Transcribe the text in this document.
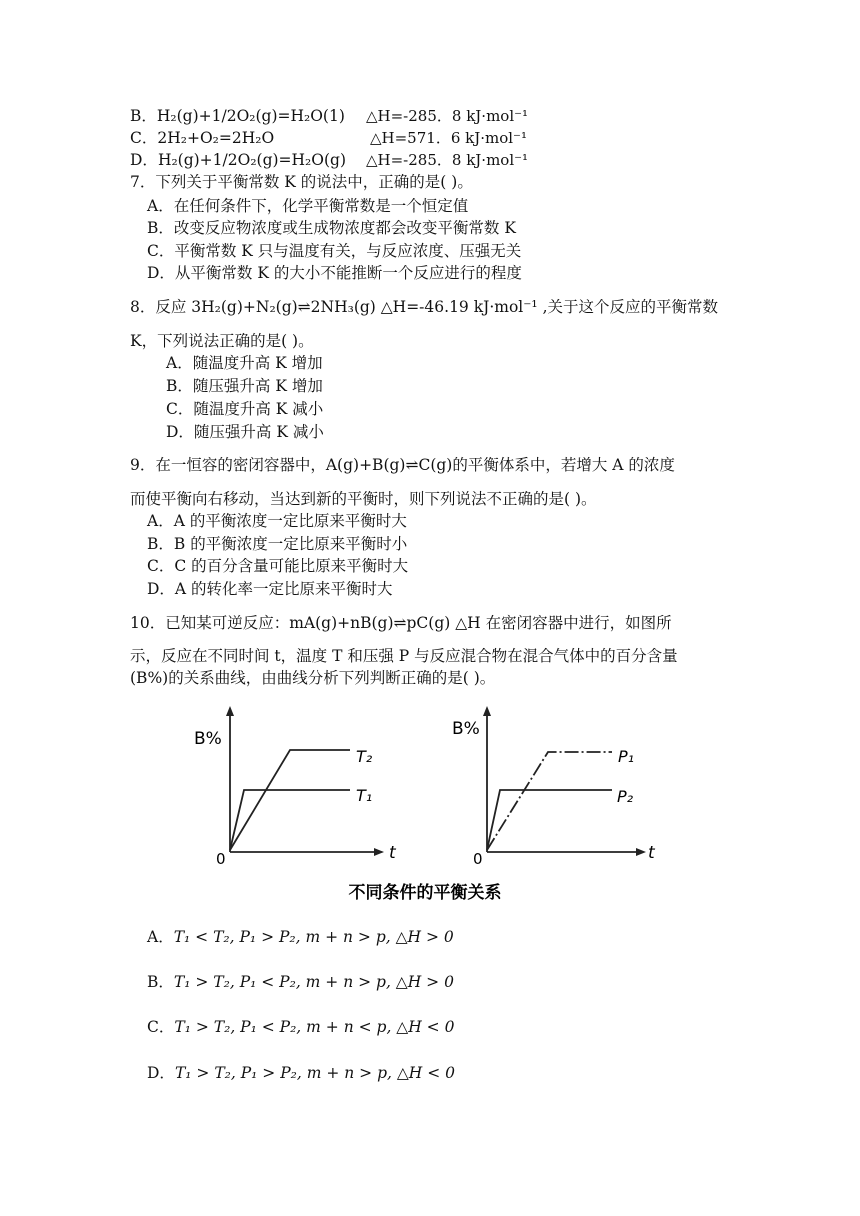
B．H₂(g)+1/2O₂(g)=H₂O(1) △H=-285．8 kJ·mol⁻¹
C．2H₂+O₂=2H₂O	△H=571．6 kJ·mol⁻¹
D．H₂(g)+1/2O₂(g)=H₂O(g) △H=-285．8 kJ·mol⁻¹
7．下列关于平衡常数 K 的说法中，正确的是( )。
A．在任何条件下，化学平衡常数是一个恒定值
B．改变反应物浓度或生成物浓度都会改变平衡常数 K
C．平衡常数 K 只与温度有关，与反应浓度、压强无关
D．从平衡常数 K 的大小不能推断一个反应进行的程度
8．反应 3H₂(g)+N₂(g)⇌2NH₃(g) △H=-46.19 kJ·mol⁻¹ ,关于这个反应的平衡常数
K，下列说法正确的是( )。
A．随温度升高 K 增加
B．随压强升高 K 增加
C．随温度升高 K 减小
D．随压强升高 K 减小
9．在一恒容的密闭容器中，A(g)+B(g)⇌C(g)的平衡体系中，若增大 A 的浓度
而使平衡向右移动，当达到新的平衡时，则下列说法不正确的是( )。
A．A 的平衡浓度一定比原来平衡时大
B．B 的平衡浓度一定比原来平衡时小
C．C 的百分含量可能比原来平衡时大
D．A 的转化率一定比原来平衡时大
10．已知某可逆反应：mA(g)+nB(g)⇌pC(g) △H 在密闭容器中进行，如图所
示，反应在不同时间 t，温度 T 和压强 P 与反应混合物在混合气体中的百分含量
(B%)的关系曲线，由曲线分析下列判断正确的是( )。
B%
t
0
T₂
T₁
B%
t
0
P₁
P₂
不同条件的平衡关系
A．T₁ < T₂, P₁ > P₂, m + n > p, △H > 0
B．T₁ > T₂, P₁ < P₂, m + n > p, △H > 0
C．T₁ > T₂, P₁ < P₂, m + n < p, △H < 0
D．T₁ > T₂, P₁ > P₂, m + n > p, △H < 0
